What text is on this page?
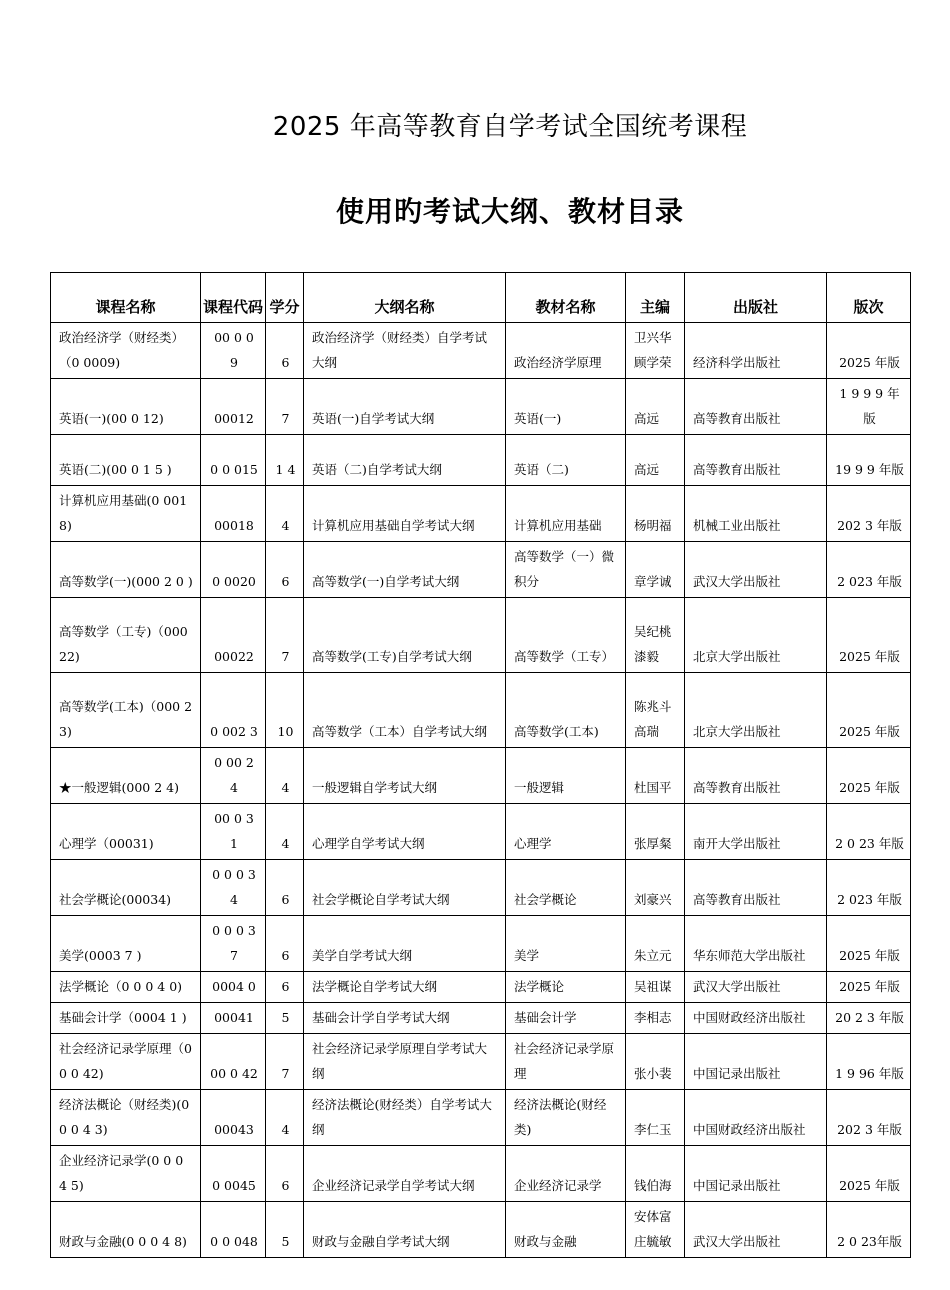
2025 年高等教育自学考试全国统考课程
使用旳考试大纲、教材目录
课程名称	课程代码	学分	大纲名称	教材名称	主编	出版社	版次
政治经济学（财经类）（0 0009)	00 0 0 9	6	政治经济学（财经类）自学考试大纲	政治经济学原理	卫兴华顾学荣	经济科学出版社	2025 年版
英语(一)(00 0 12)	00012	7	英语(一)自学考试大纲	英语(一)	高远	高等教育出版社	1 9 9 9 年版
英语(二)(00 0 1 5 )	0 0 015	1 4	英语（二)自学考试大纲	英语（二)	高远	高等教育出版社	19 9 9 年版
计算机应用基础(0 0018)	00018	4	计算机应用基础自学考试大纲	计算机应用基础	杨明福	机械工业出版社	202 3 年版
高等数学(一)(000 2 0 )	0 0020	6	高等数学(一)自学考试大纲	高等数学（一）微积分	章学诚	武汉大学出版社	2 023 年版
高等数学（工专)（00022)	00022	7	高等数学(工专)自学考试大纲	高等数学（工专）	吴纪桃漆毅	北京大学出版社	2025 年版
高等数学(工本)（000 2 3)	0 002 3	10	高等数学（工本）自学考试大纲	高等数学(工本)	陈兆斗高瑞	北京大学出版社	2025 年版
★一般逻辑(000 2 4)	0 00 2 4	4	一般逻辑自学考试大纲	一般逻辑	杜国平	高等教育出版社	2025 年版
心理学（00031)	00 0 3 1	4	心理学自学考试大纲	心理学	张厚粲	南开大学出版社	2 0 23 年版
社会学概论(00034)	0 0 0 3 4	6	社会学概论自学考试大纲	社会学概论	刘豪兴	高等教育出版社	2 023 年版
美学(0003 7 )	0 0 0 3 7	6	美学自学考试大纲	美学	朱立元	华东师范大学出版社	2025 年版
法学概论（0 0 0 4 0)	0004 0	6	法学概论自学考试大纲	法学概论	吴祖谋	武汉大学出版社	2025 年版
基础会计学（0004 1 )	00041	5	基础会计学自学考试大纲	基础会计学	李相志	中国财政经济出版社	20 2 3 年版
社会经济记录学原理（0 0 0 42)	00 0 42	7	社会经济记录学原理自学考试大纲	社会经济记录学原理	张小裴	中国记录出版社	1 9 96 年版
经济法概论（财经类)(00 0 4 3)	00043	4	经济法概论(财经类）自学考试大纲	经济法概论(财经类)	李仁玉	中国财政经济出版社	202 3 年版
企业经济记录学(0 0 0 4 5)	0 0045	6	企业经济记录学自学考试大纲	企业经济记录学	钱伯海	中国记录出版社	2025 年版
财政与金融(0 0 0 4 8)	0 0 048	5	财政与金融自学考试大纲	财政与金融	安体富庄毓敏	武汉大学出版社	2 0 23年版
